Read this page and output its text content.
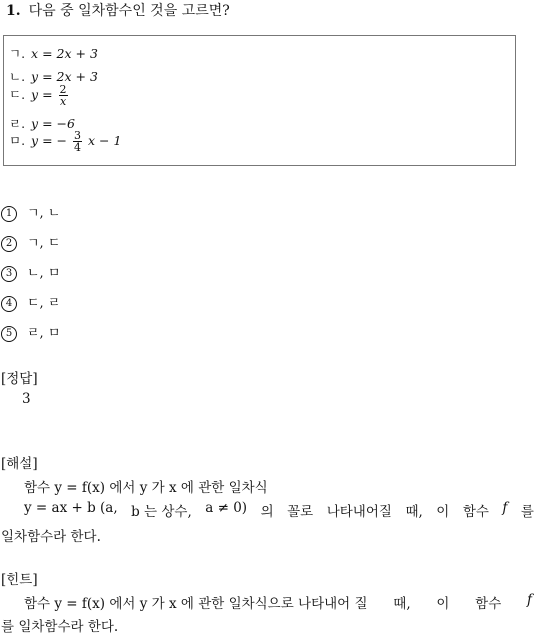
1. 다음 중 일차함수인 것을 고르면?
ㄱ. x = 2x + 3
ㄴ. y = 2x + 3
ㄷ. $y = \frac{2}{x}$
ㄹ. y = −6
ㅁ. y = − $\frac{3}{4}$ x − 1
1 ㄱ, ㄴ
2 ㄱ, ㄷ
3 ㄴ, ㅁ
4 ㄷ, ㄹ
5 ㄹ, ㅁ
[정답]
3
[해설]
함수 y = f(x) 에서 y 가 x 에 관한 일차식
y = ax + b (a, b 는 상수, a ≠ 0) 의 꼴로 나타내어질 때, 이 함수 f 를
일차함수라 한다.
[힌트]
함수 y = f(x) 에서 y 가 x 에 관한 일차식으로 나타내어 질 때, 이 함수 f
를 일차함수라 한다.
